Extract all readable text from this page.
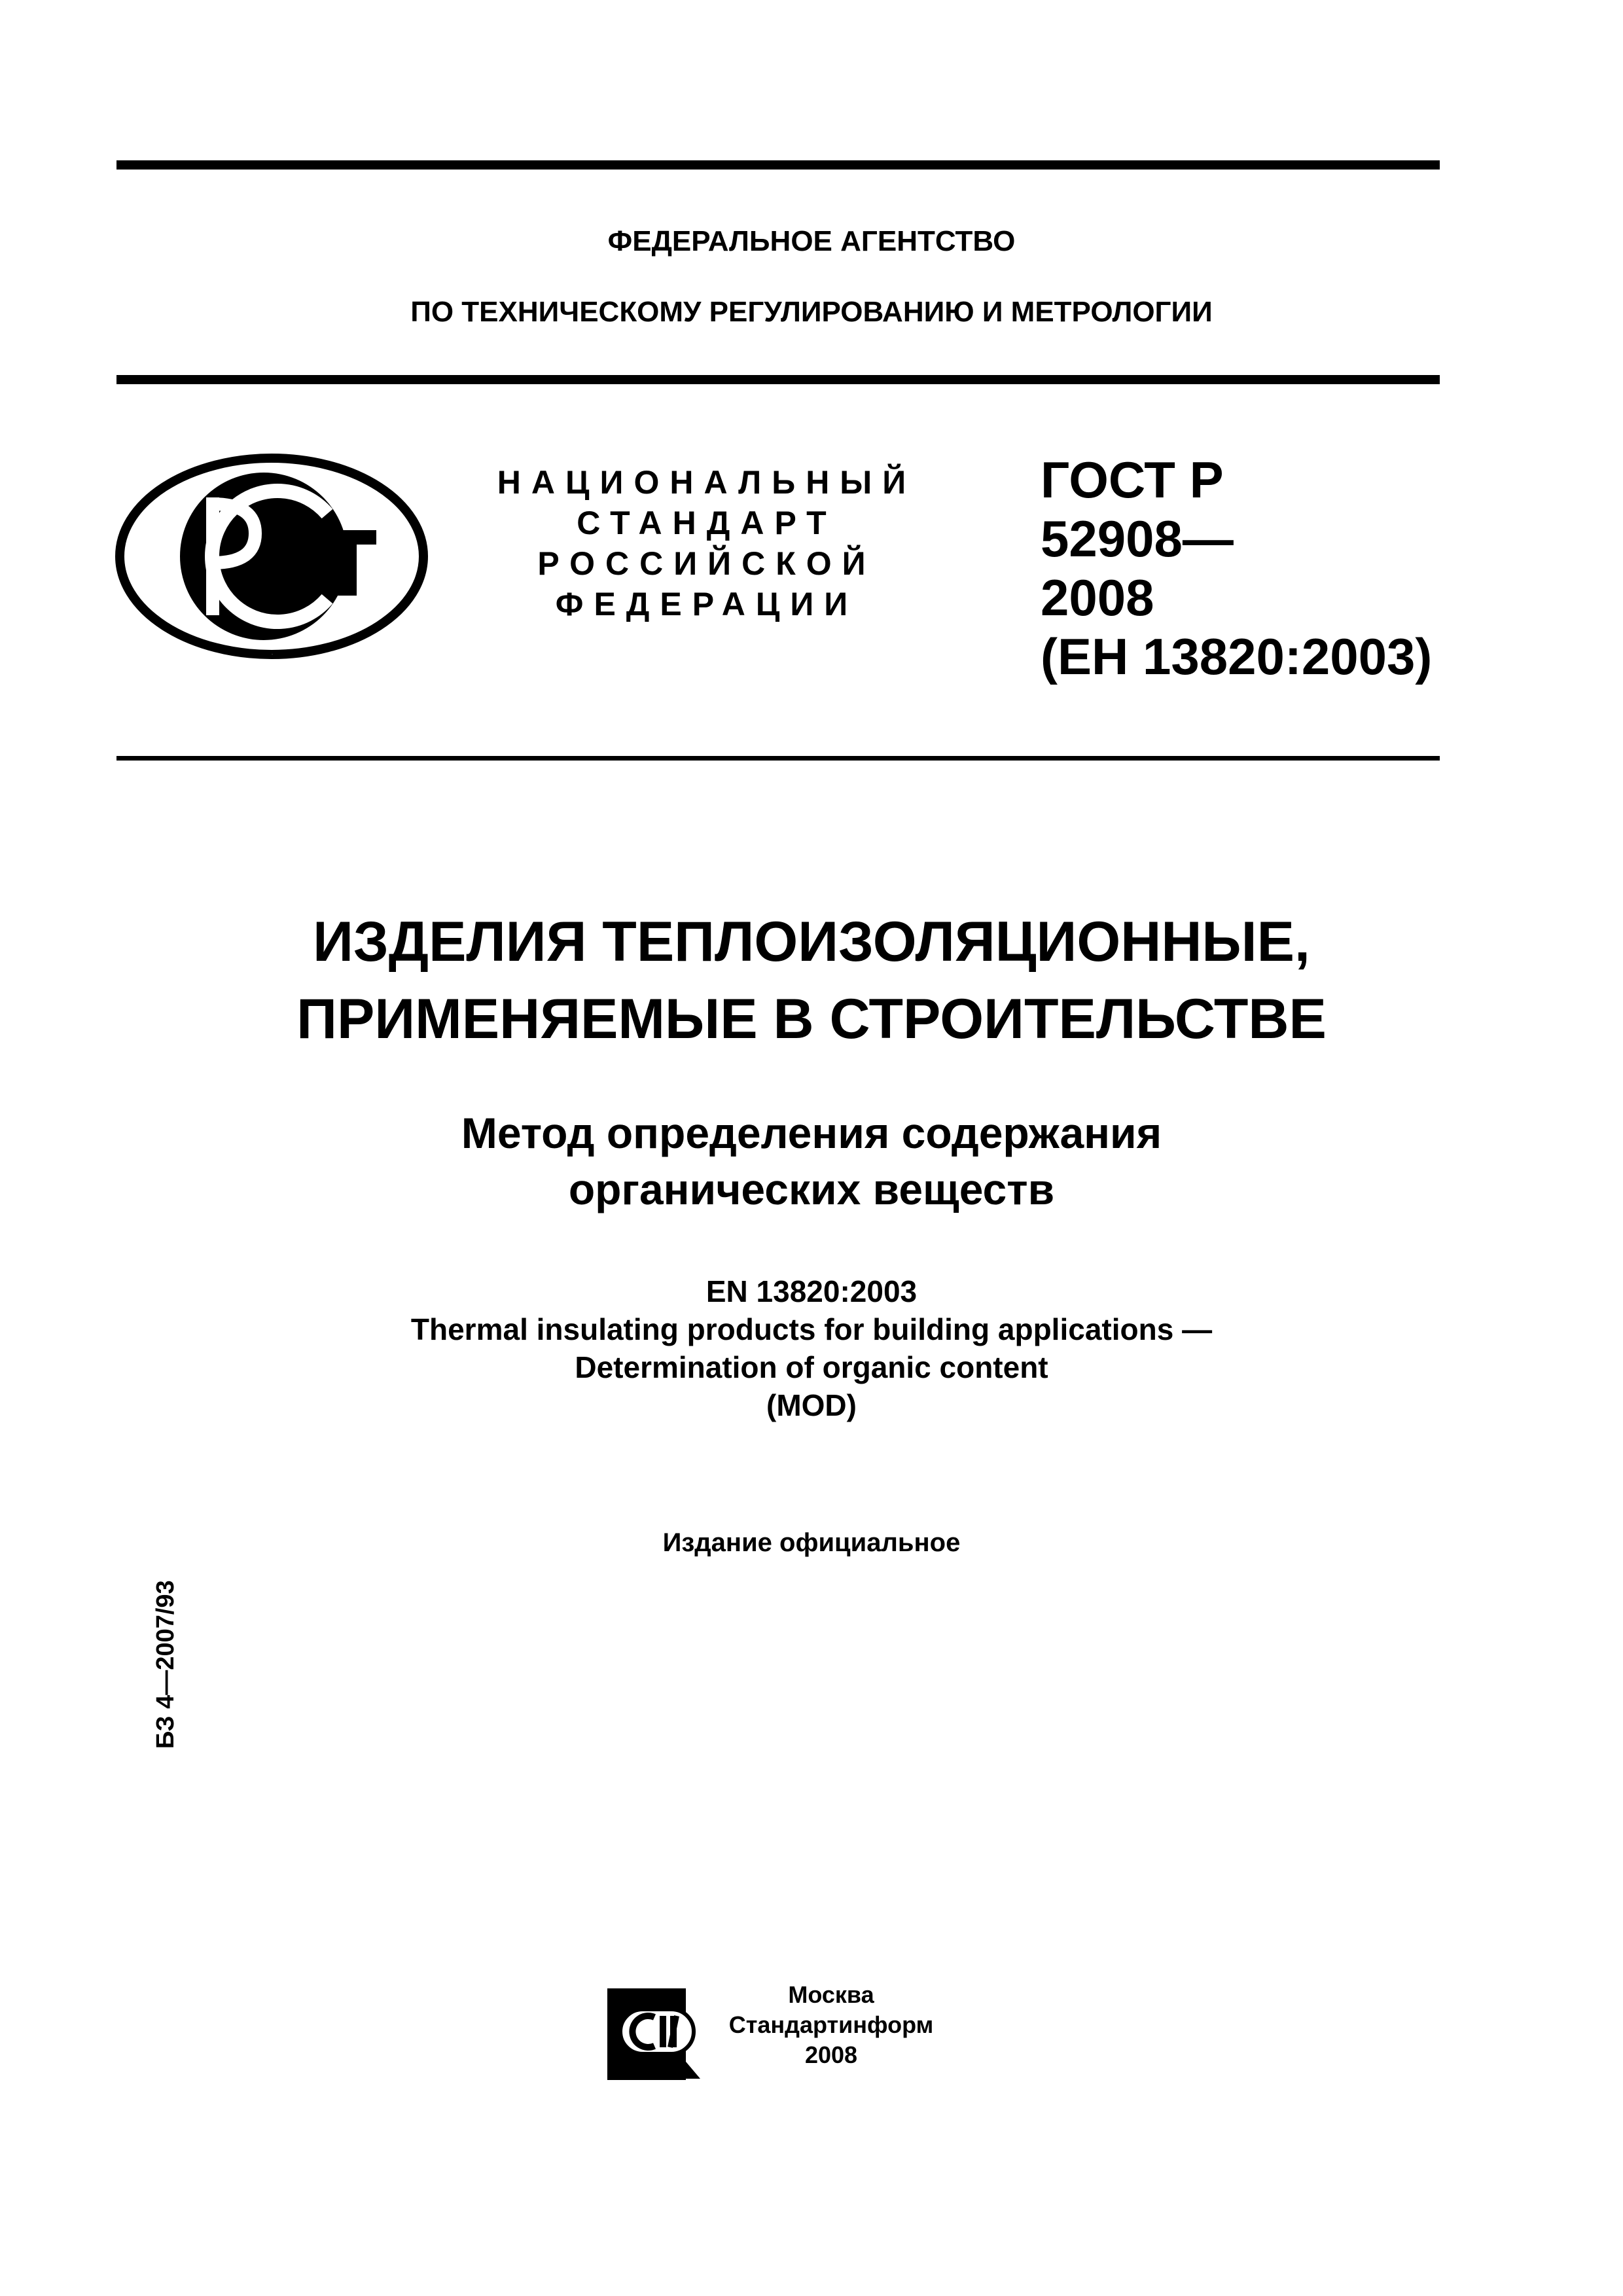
ФЕДЕРАЛЬНОЕ АГЕНТСТВО
ПО ТЕХНИЧЕСКОМУ РЕГУЛИРОВАНИЮ И МЕТРОЛОГИИ
РСТ
НАЦИОНАЛЬНЫЙ
СТАНДАРТ
РОССИЙСКОЙ
ФЕДЕРАЦИИ
ГОСТ Р
52908—
2008
(ЕН 13820:2003)
ИЗДЕЛИЯ ТЕПЛОИЗОЛЯЦИОННЫЕ,
ПРИМЕНЯЕМЫЕ В СТРОИТЕЛЬСТВЕ
Метод определения содержания
органических веществ
EN 13820:2003
Thermal insulating products for building applications —
Determination of organic content
(MOD)
Издание официальное
БЗ 4—2007/93
СтИ
Москва
Стандартинформ
2008
